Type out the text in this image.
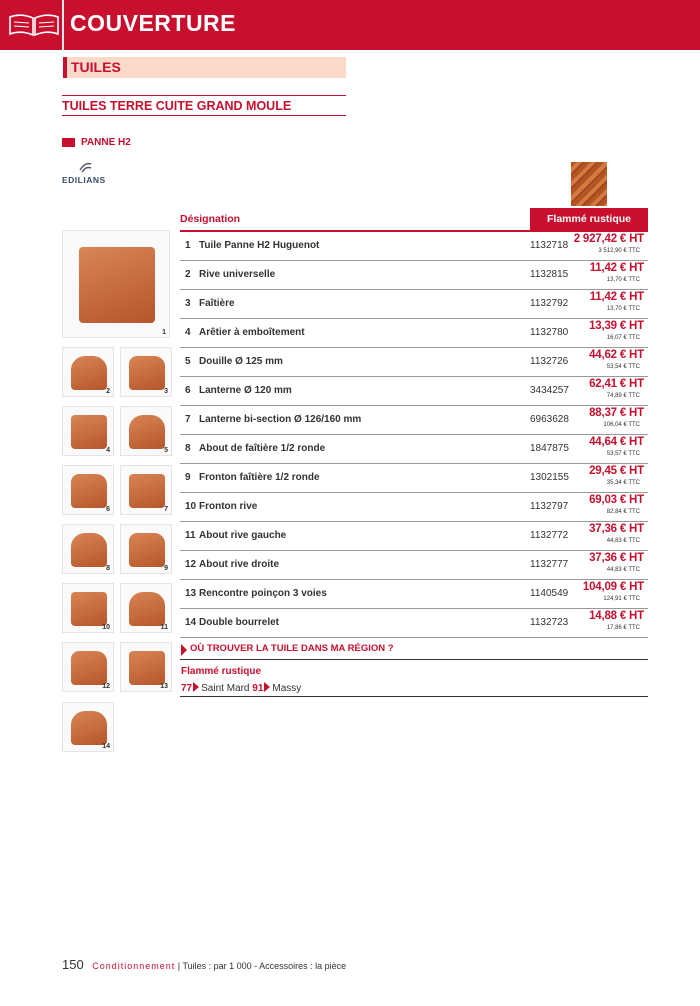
COUVERTURE
TUILES
TUILES TERRE CUITE GRAND MOULE
PANNE H2
EDILIANS
Désignation	Flammé rustique
1 Tuile Panne H2 Huguenot	1132718
2 927,42 € HT
3 512,90 € TTC
2 Rive universelle	1132815
11,42 € HT
13,70 € TTC
3 Faîtière	1132792
11,42 € HT
13,70 € TTC
4 Arêtier à emboîtement	1132780
13,39 € HT
16,07 € TTC
5 Douille Ø 125 mm	1132726
44,62 € HT
53,54 € TTC
6 Lanterne Ø 120 mm	3434257
62,41 € HT
74,89 € TTC
7 Lanterne bi-section Ø 126/160 mm	6963628
88,37 € HT
106,04 € TTC
8 About de faîtière 1/2 ronde	1847875
44,64 € HT
53,57 € TTC
9 Fronton faîtière 1/2 ronde	1302155
29,45 € HT
35,34 € TTC
10 Fronton rive	1132797
69,03 € HT
82,84 € TTC
11 About rive gauche	1132772
37,36 € HT
44,83 € TTC
12 About rive droite	1132777
37,36 € HT
44,83 € TTC
13 Rencontre poinçon 3 voies	1140549
104,09 € HT
124,91 € TTC
14 Double bourrelet	1132723
14,88 € HT
17,86 € TTC
OÙ TROUVER LA TUILE DANS MA RÉGION ?
Flammé rustique
77 Saint Mard 91 Massy
1
2	3
4	5
6	7
8	9
10	11
12	13
14
150 Conditionnement | Tuiles : par 1 000 - Accessoires : la pièce
